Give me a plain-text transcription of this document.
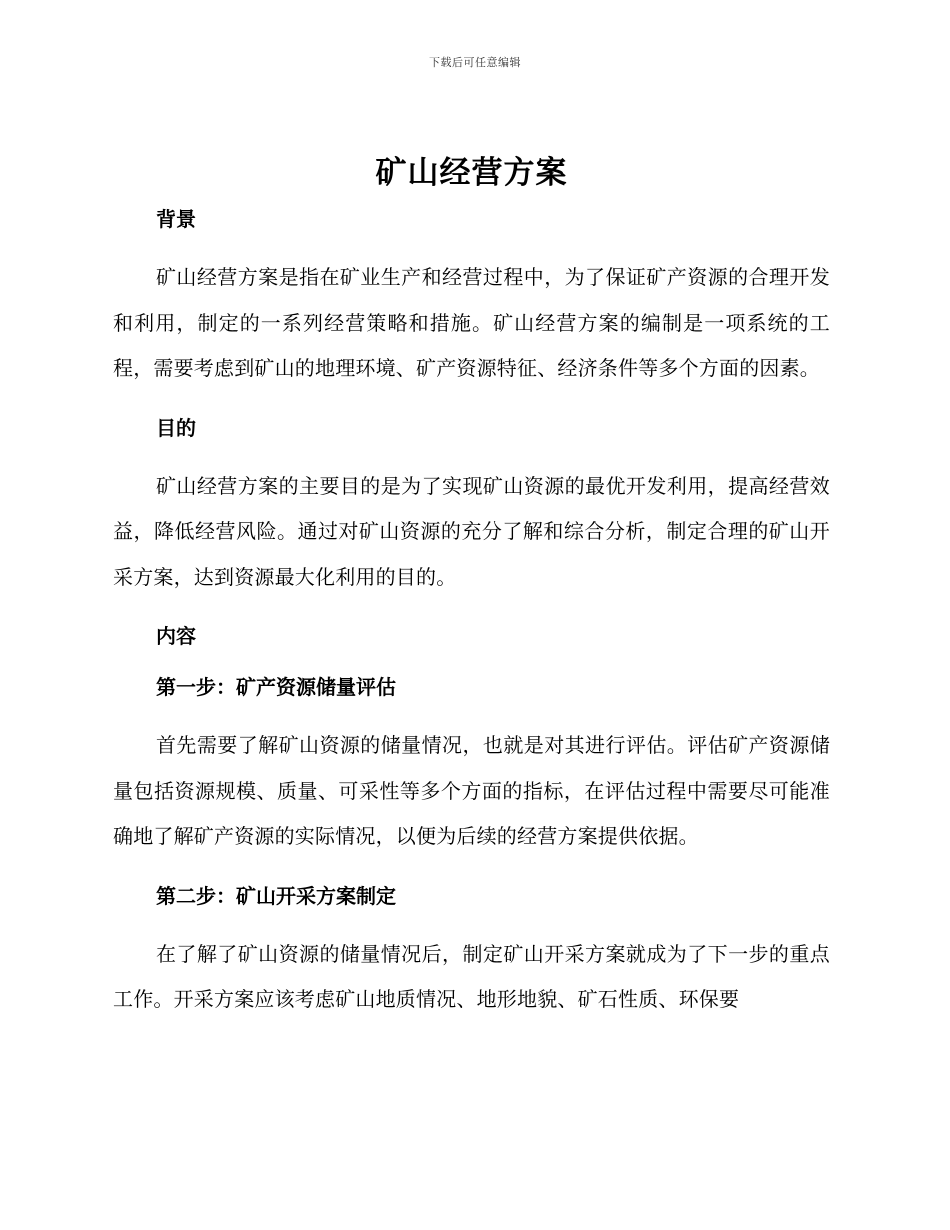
下载后可任意编辑
矿山经营方案
背景

矿山经营方案是指在矿业生产和经营过程中，为了保证矿产资源的合理开发和利用，制定的一系列经营策略和措施。矿山经营方案的编制是一项系统的工程，需要考虑到矿山的地理环境、矿产资源特征、经济条件等多个方面的因素。

目的

矿山经营方案的主要目的是为了实现矿山资源的最优开发利用，提高经营效益，降低经营风险。通过对矿山资源的充分了解和综合分析，制定合理的矿山开采方案，达到资源最大化利用的目的。

内容
第一步：矿产资源储量评估

首先需要了解矿山资源的储量情况，也就是对其进行评估。评估矿产资源储量包括资源规模、质量、可采性等多个方面的指标，在评估过程中需要尽可能准确地了解矿产资源的实际情况，以便为后续的经营方案提供依据。

第二步：矿山开采方案制定

在了解了矿山资源的储量情况后，制定矿山开采方案就成为了下一步的重点工作。开采方案应该考虑矿山地质情况、地形地貌、矿石性质、环保要
